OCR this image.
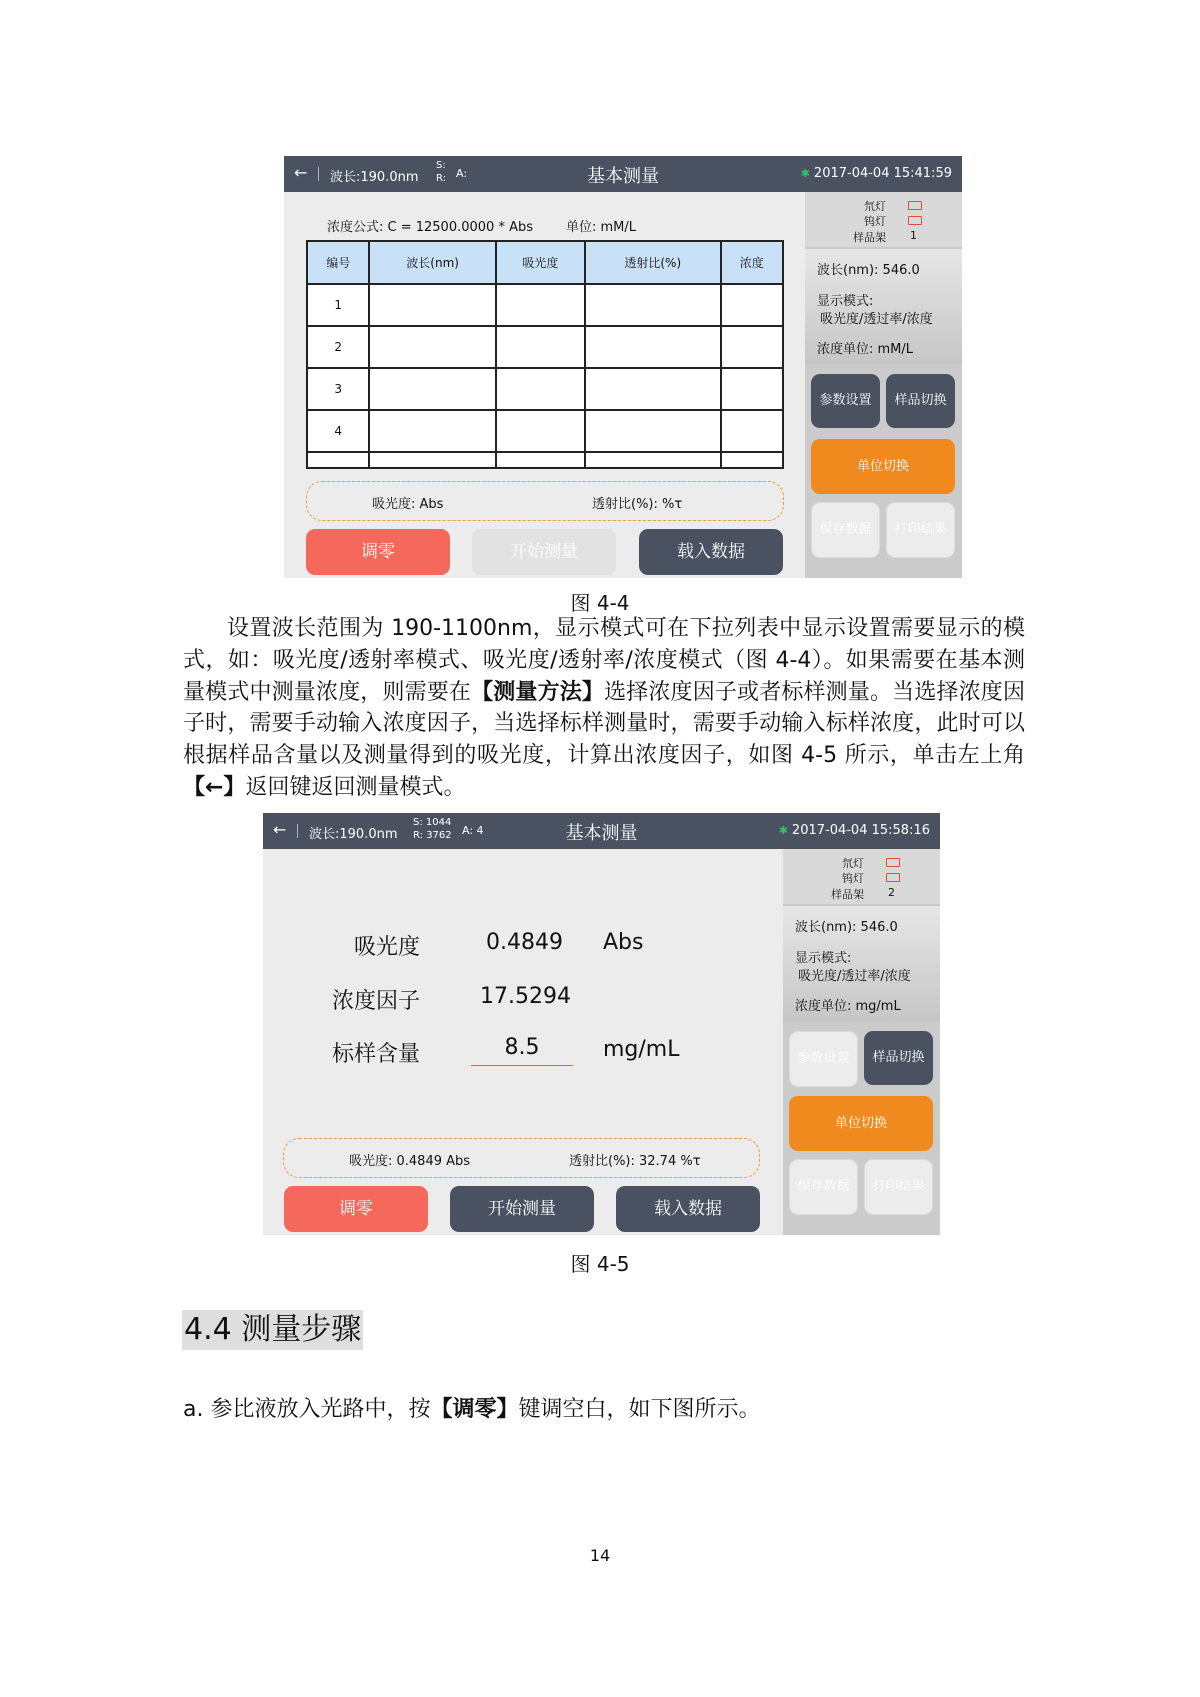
← 波长:190.0nm
S:
R: A:	基本测量	✱ 2017-04-04 15:41:59
浓度公式: C = 12500.0000 * Abs	单位: mM/L
编号	波长(nm)	吸光度	透射比(%)	浓度
1				
2				
3				
4				

吸光度: Abs	透射比(%): %τ
调零	开始测量	载入数据
氘灯
钨灯
样品架 1
波长(nm): 546.0
显示模式:
吸光度/透过率/浓度
浓度单位: mM/L
参数设置	样品切换
单位切换
保存数据	打印结果
图 4-4
设置波长范围为 190-1100nm，显示模式可在下拉列表中显示设置需要显示的模式，如：吸光度/透射率模式、吸光度/透射率/浓度模式（图 4-4）。如果需要在基本测量模式中测量浓度，则需要在【测量方法】选择浓度因子或者标样测量。当选择浓度因子时，需要手动输入浓度因子，当选择标样测量时，需要手动输入标样浓度，此时可以根据样品含量以及测量得到的吸光度，计算出浓度因子，如图 4-5 所示，单击左上角【←】返回键返回测量模式。
← 波长:190.0nm
S: 1044
R: 3762 A: 4	基本测量	✱ 2017-04-04 15:58:16
吸光度	0.4849 Abs
浓度因子	17.5294
标样含量	8.5	mg/mL
吸光度: 0.4849 Abs	透射比(%): 32.74 %τ
调零	开始测量	载入数据
氘灯
钨灯
样品架 2
波长(nm): 546.0
显示模式:
吸光度/透过率/浓度
浓度单位: mg/mL
参数设置	样品切换
单位切换
保存数据	打印结果
图 4-5
4.4 测量步骤
a. 参比液放入光路中，按【调零】键调空白，如下图所示。
14
